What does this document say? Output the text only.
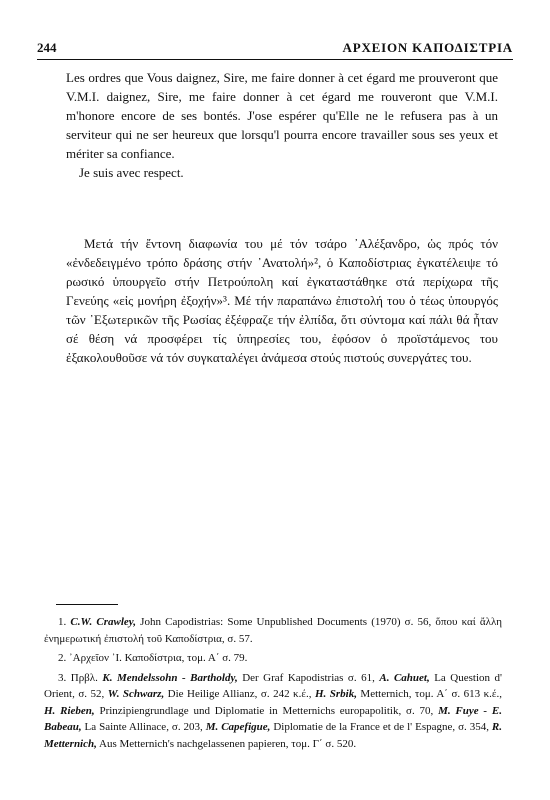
244	ΑΡΧΕΙΟΝ ΚΑΠΟΔΙΣΤΡΙΑ

Les ordres que Vous daignez, Sire, me faire donner à cet égard me prouveront que V.M.I. daignez, Sire, me faire donner à cet égard me rouveront que V.M.I. m'honore encore de ses bontés. J'ose espérer qu'Elle ne le refusera pas à un serviteur qui ne ser heureux que lorsqu'l pourra encore travailler sous ses yeux et mériter sa confiance.

Je suis avec respect.

Μετά τήν ἔντονη διαφωνία του μέ τόν τσάρο ᾿Αλέξανδρο, ὡς πρός τόν «ἐνδεδειγμένο τρόπο δράσης στήν ᾿Ανατολή»², ὁ Καποδίστριας ἐγκατέλειψε τό ρωσικό ὑπουργεῖο στήν Πετρούπολη καί ἐγκαταστάθηκε στά περίχωρα τῆς Γενεύης «εἰς μονήρη ἐξοχήν»³. Μέ τήν παραπάνω ἐπιστολή του ὁ τέως ὑπουργός τῶν ᾿Εξωτερικῶν τῆς Ρωσίας ἐξέφραζε τήν ἐλπίδα, ὅτι σύντομα καί πάλι θά ἦταν σέ θέση νά προσφέρει τίς ὑπηρεσίες του, ἐφόσον ὁ προϊστάμενος του ἐξακολουθοῦσε νά τόν συγκαταλέγει ἀνάμεσα στούς πιστούς συνεργάτες του.

1. C.W. Crawley, John Capodistrias: Some Unpublished Documents (1970) σ. 56, ὅπου καί ἄλλη ἐνημερωτική ἐπιστολή τοῦ Καποδίστρια, σ. 57.

2. ᾿Αρχεῖον ᾿Ι. Καποδίστρια, τομ. Α΄ σ. 79.

3. Πρβλ. K. Mendelssohn - Bartholdy, Der Graf Kapodistrias σ. 61, A. Cahuet, La Question d' Orient, σ. 52, W. Schwarz, Die Heilige Allianz, σ. 242 κ.έ., H. Srbik, Metternich, τομ. Α΄ σ. 613 κ.έ., H. Rieben, Prinzipiengrundlage und Diplomatie in Metternichs europapolitik, σ. 70, M. Fuye - E. Babeau, La Sainte Allinace, σ. 203, M. Capefigue, Diplomatie de la France et de l' Espagne, σ. 354, R. Metternich, Aus Metternich's nachgelassenen papieren, τομ. Γ΄ σ. 520.
